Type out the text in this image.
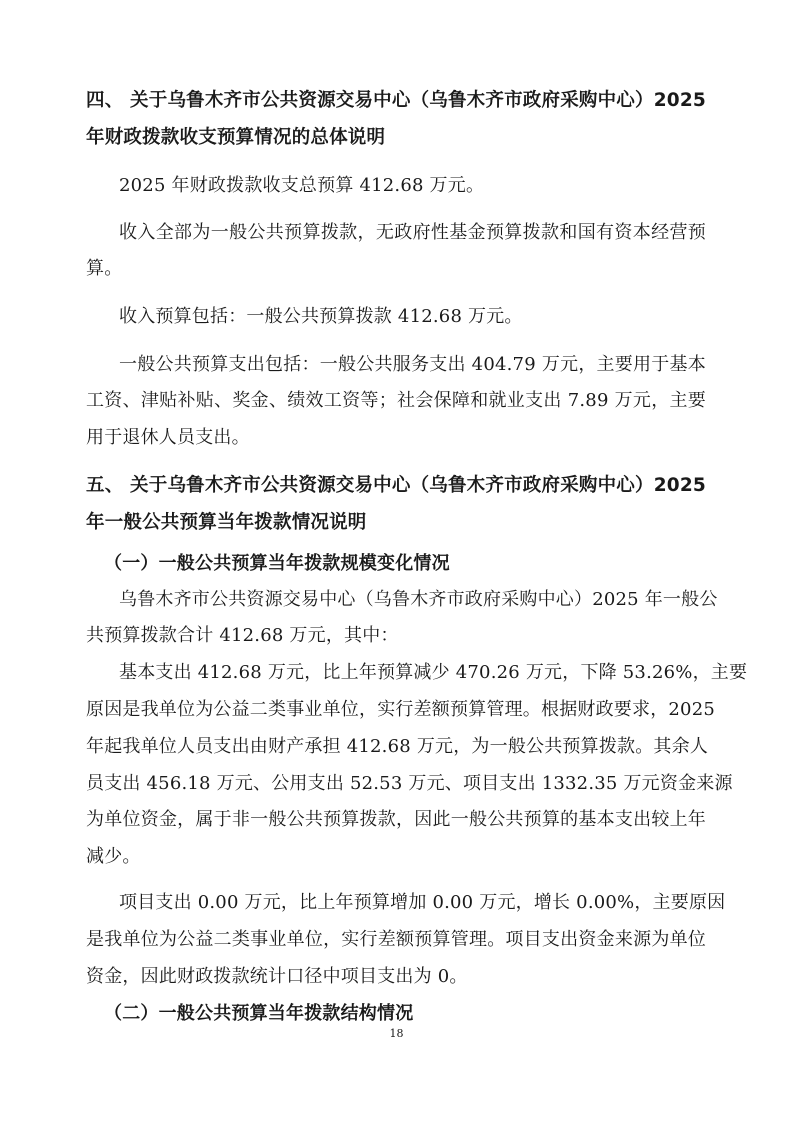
四、 关于乌鲁木齐市公共资源交易中心（乌鲁木齐市政府采购中心）2025
年财政拨款收支预算情况的总体说明
2025 年财政拨款收支总预算 412.68 万元。
收入全部为一般公共预算拨款，无政府性基金预算拨款和国有资本经营预
算。
收入预算包括：一般公共预算拨款 412.68 万元。
一般公共预算支出包括：一般公共服务支出 404.79 万元，主要用于基本
工资、津贴补贴、奖金、绩效工资等；社会保障和就业支出 7.89 万元，主要
用于退休人员支出。
五、 关于乌鲁木齐市公共资源交易中心（乌鲁木齐市政府采购中心）2025
年一般公共预算当年拨款情况说明
（一）一般公共预算当年拨款规模变化情况
乌鲁木齐市公共资源交易中心（乌鲁木齐市政府采购中心）2025 年一般公
共预算拨款合计 412.68 万元，其中：
基本支出 412.68 万元，比上年预算减少 470.26 万元，下降 53.26%，主要
原因是我单位为公益二类事业单位，实行差额预算管理。根据财政要求，2025
年起我单位人员支出由财产承担 412.68 万元，为一般公共预算拨款。其余人
员支出 456.18 万元、公用支出 52.53 万元、项目支出 1332.35 万元资金来源
为单位资金，属于非一般公共预算拨款，因此一般公共预算的基本支出较上年
减少。
项目支出 0.00 万元，比上年预算增加 0.00 万元，增长 0.00%，主要原因
是我单位为公益二类事业单位，实行差额预算管理。项目支出资金来源为单位
资金，因此财政拨款统计口径中项目支出为 0。
（二）一般公共预算当年拨款结构情况
18
